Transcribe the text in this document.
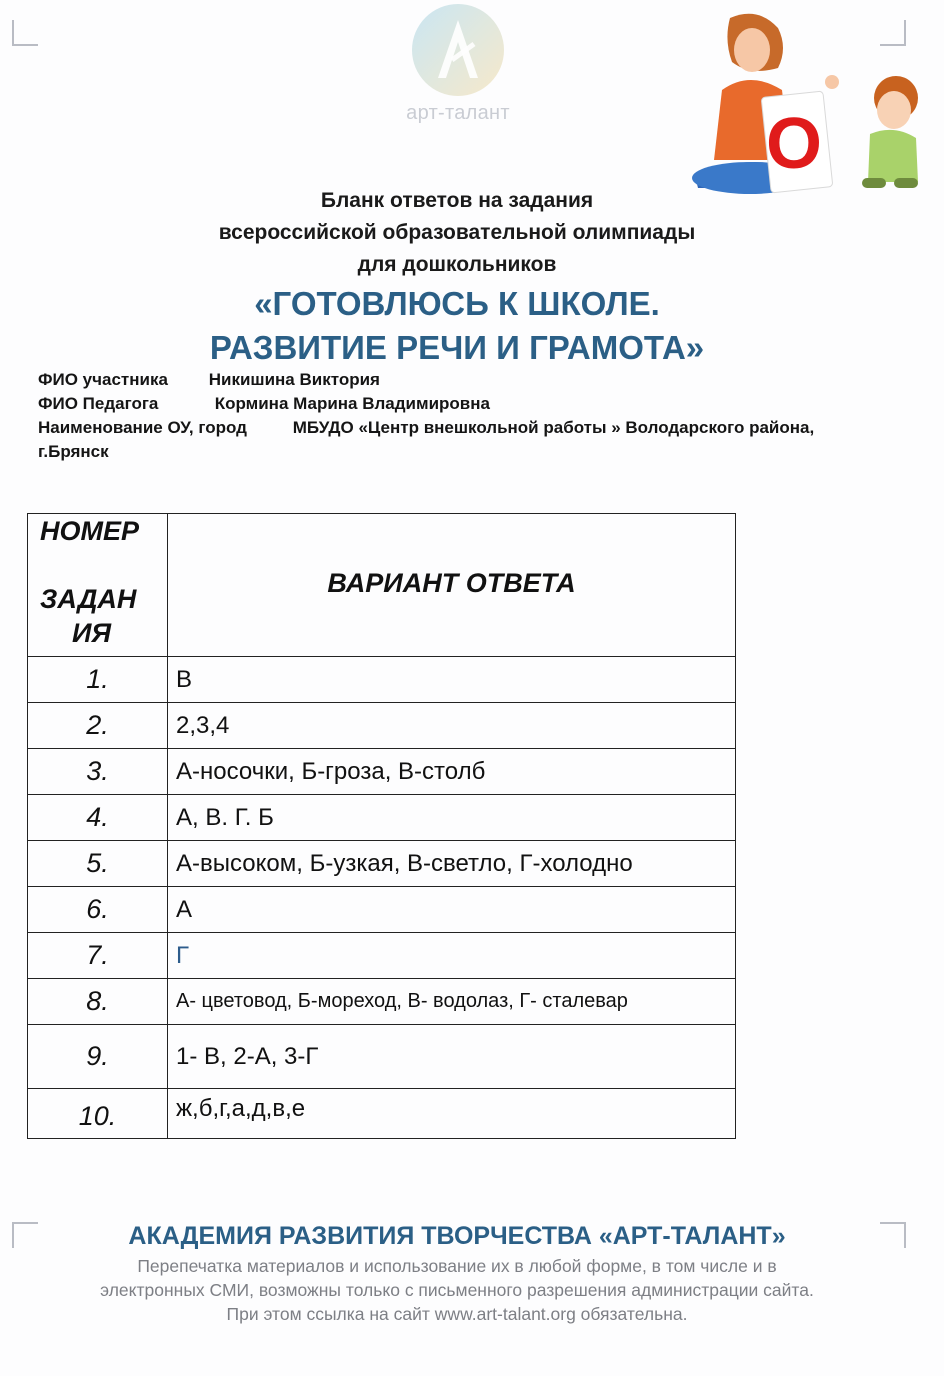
арт-талант	О
Бланк ответов на задания
всероссийской образовательной олимпиады
для дошкольников
«ГОТОВЛЮСЬ К ШКОЛЕ.
РАЗВИТИЕ РЕЧИ И ГРАМОТА»
ФИО участника Никишина Виктория
ФИО Педагога	Кормина Марина Владимировна
Наименование ОУ, город	МБУДО «Центр внешкольной работы » Володарского района,
г.Брянск
НОМЕР
ЗАДАН
ИЯ	ВАРИАНТ ОТВЕТА
1.	В
2.	2,3,4
3.	А-носочки, Б-гроза, В-столб
4.	А, В. Г. Б
5.	А-высоком, Б-узкая, В-светло, Г-холодно
6.	А
7.	Г
8.	А- цветовод, Б-мореход, В- водолаз, Г- сталевар
9.	1- В, 2-А, 3-Г
10.	ж,б,г,а,д,в,е
АКАДЕМИЯ РАЗВИТИЯ ТВОРЧЕСТВА «АРТ-ТАЛАНТ»
Перепечатка материалов и использование их в любой форме, в том числе и в
электронных СМИ, возможны только с письменного разрешения администрации сайта.
При этом ссылка на сайт www.art-talant.org обязательна.
